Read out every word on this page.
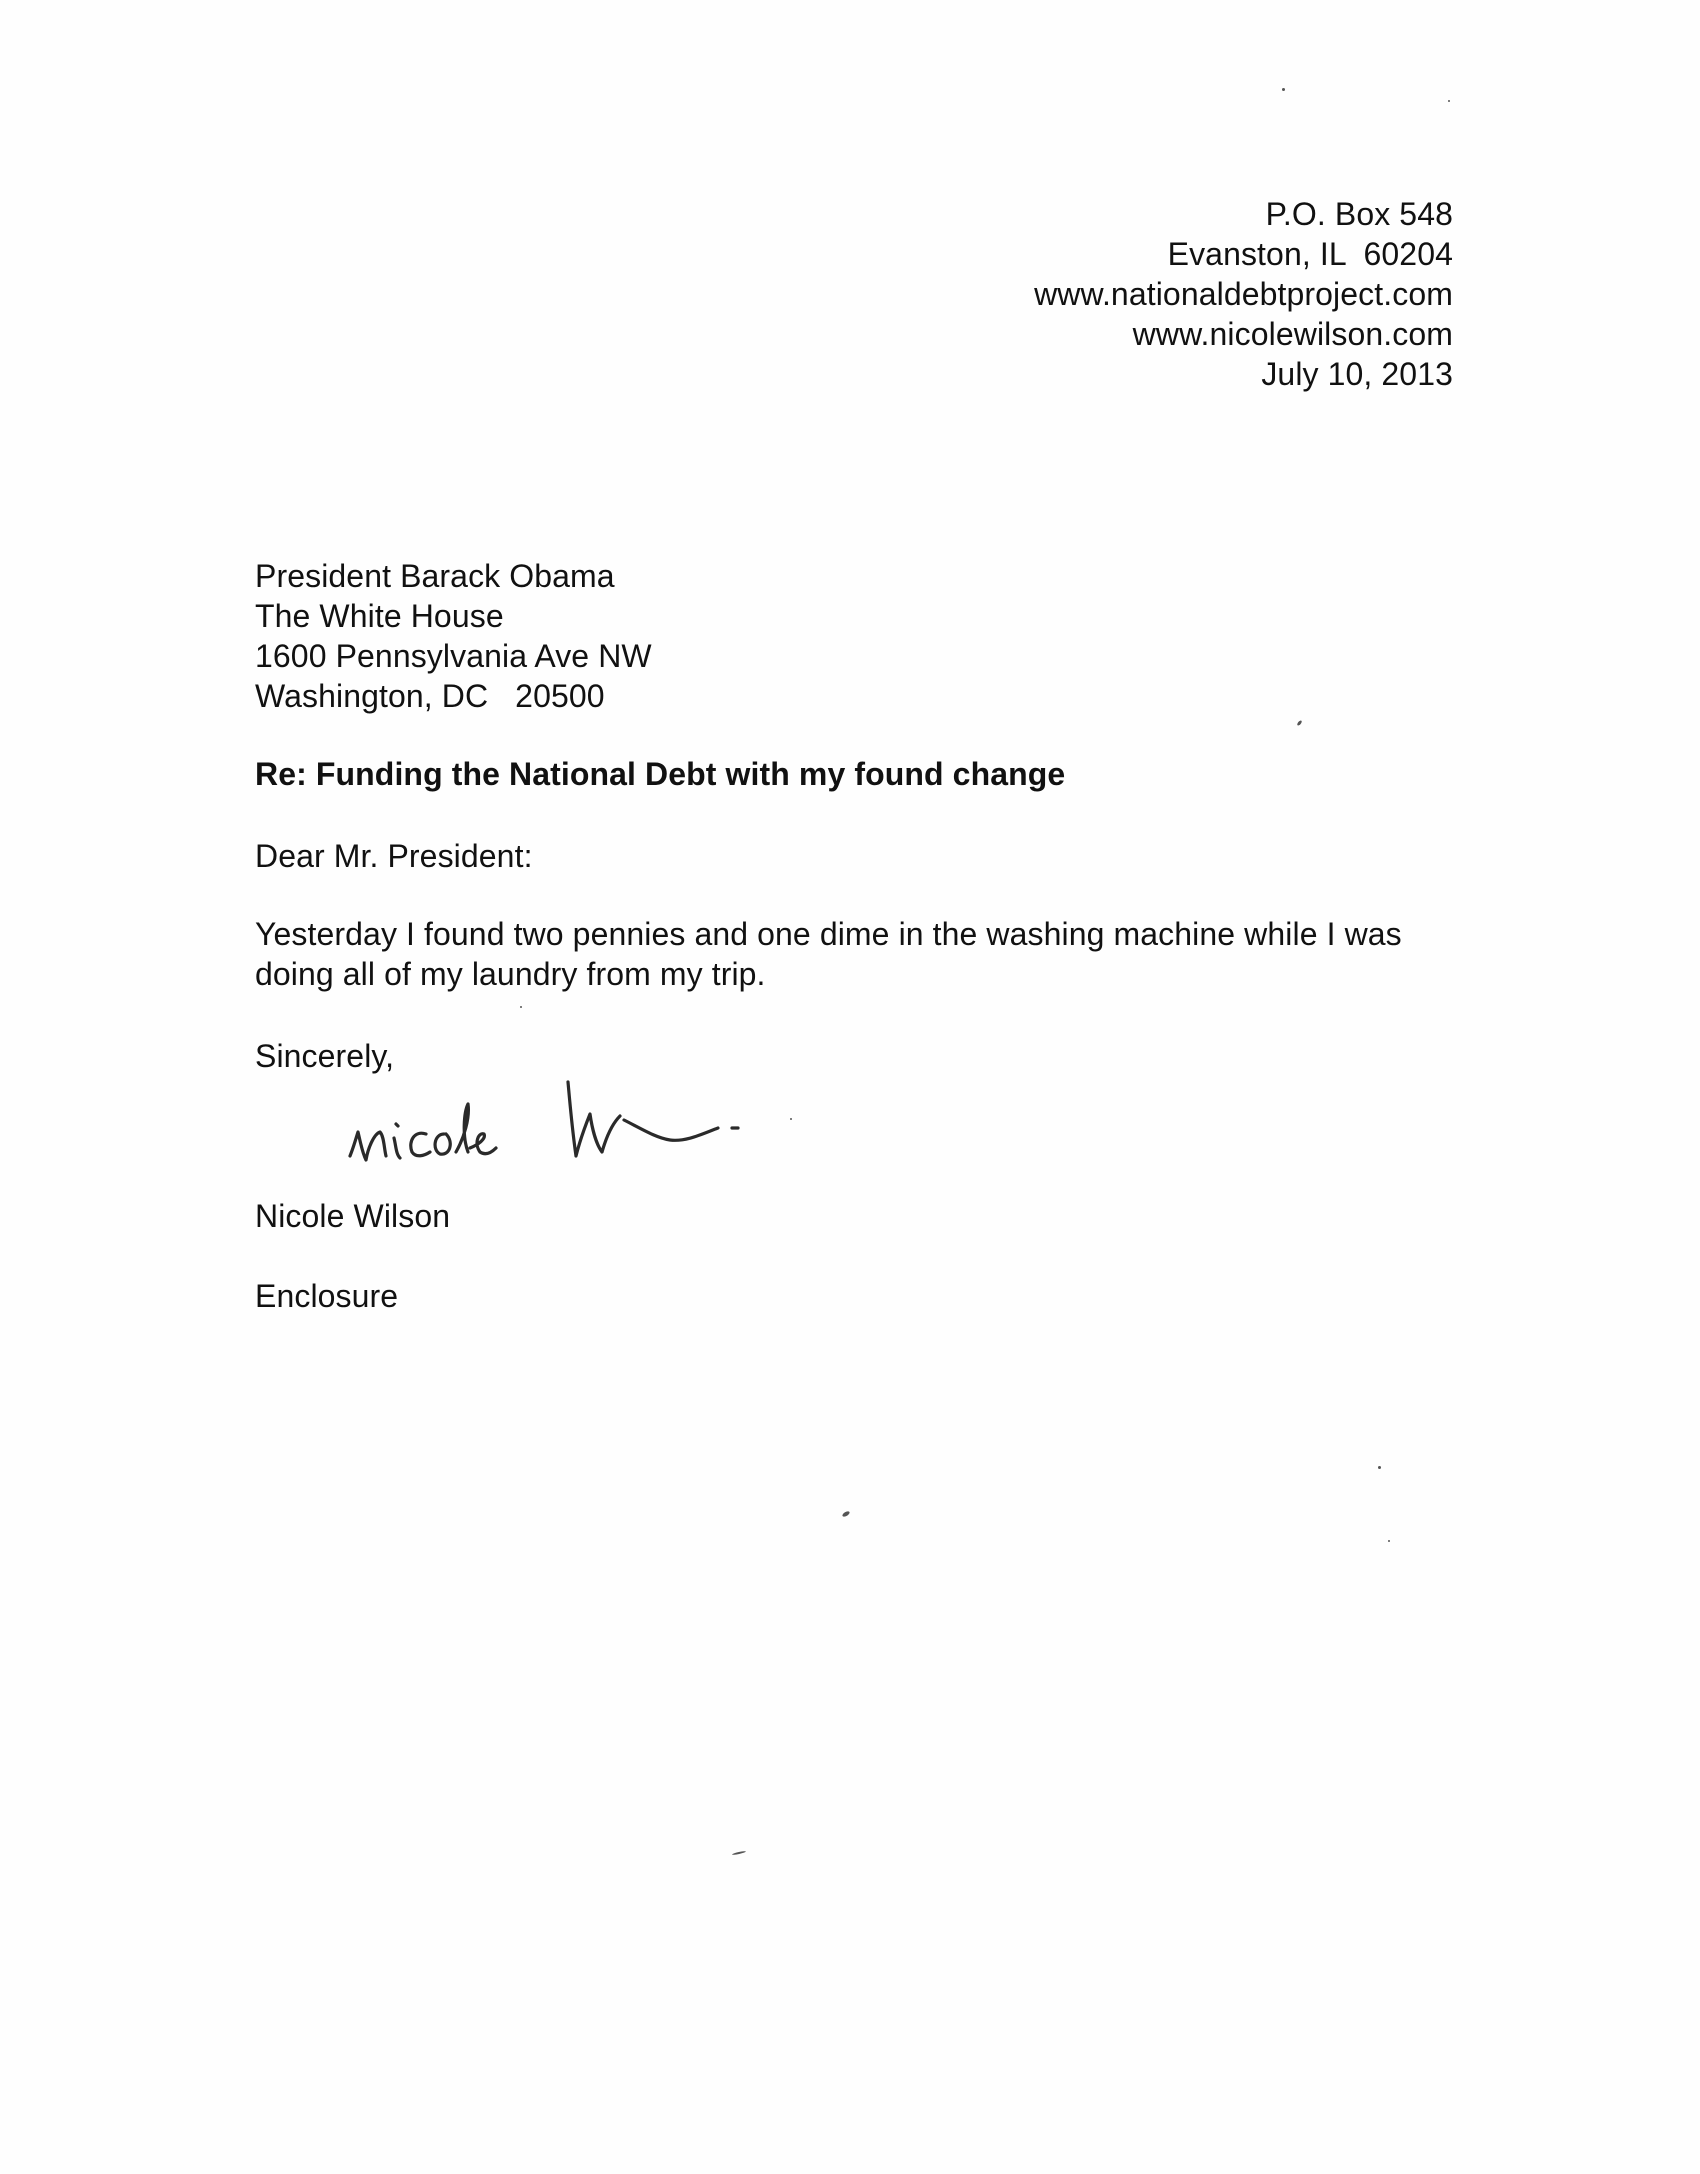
P.O. Box 548
Evanston, IL  60204
www.nationaldebtproject.com
www.nicolewilson.com
July 10, 2013
President Barack Obama
The White House
1600 Pennsylvania Ave NW
Washington, DC   20500
Re: Funding the National Debt with my found change
Dear Mr. President:
Yesterday I found two pennies and one dime in the washing machine while I was
doing all of my laundry from my trip.
Sincerely,
Nicole Wilson
Enclosure
